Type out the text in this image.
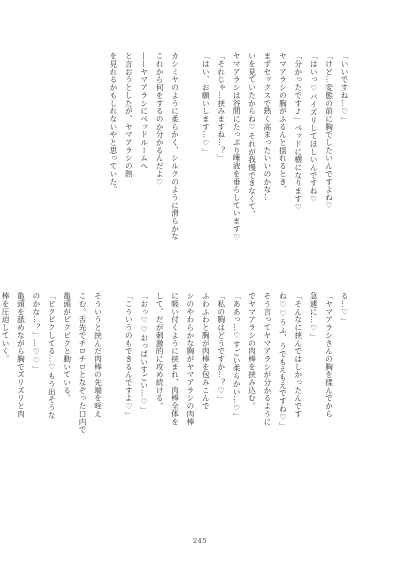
「いいですね…♡」
「けど…変態の前に胸でしたいんですよね♡
「はいっ♡パイズリしてほしいんですね♡
「分かったです♪」ベッドに横になります♡
ヤマアラシの胸がふるんと揺れるとき、
まずセックスで熱く高まったいいのかな…
いを見ていたからね♡それが我慢できなくて、
ヤマアラシは谷間にたっぷり唾液を垂らしています♡
「それじゃ…挟みますね…？」
「はい、お願いします…♡」

カシミヤのように柔らかく、シルクのように滑らかな
これから何をするのか分かるんだよ♡
——ヤマアラシにベッドルームへ
と言おうとしたが、ヤマアラシの熱
を見れるかもしれないやと思っていた。
る…♡」
「ヤマアラシさんの胸を揉んでから
急遽に…♡」
「そんなに挟んではしかったんです
ね♡♡うふ、うでもえもえですね♡」
そう言ってヤマアラシが分かるように
でヤマアラシの肉棒を挟み込む。
「ああっ…♡すごい柔らかい…♡」
「私の胸はどうですか…？♡」
ふわふわと胸が肉棒を包みこんで
シのやわらかな胸がヤマアラシの肉棒
に吸い付くように挟まれ、肉棒全体を
して、だが刺激的に攻め続ける。
「おっ♡♡おっぱいすごい…♡」
「こういうのもできるんですよ♡」

そういうと挟んだ肉棒の先端を咥え
こむ。舌先でチロチロとなぞった口内で
亀頭がビクビクと動いている。
「ビクビクしてる…♡もう出そうな
のかな…？」…♡♡」
亀頭を舐めながら胸でズリズリと肉
棒を圧迫していく。
245
